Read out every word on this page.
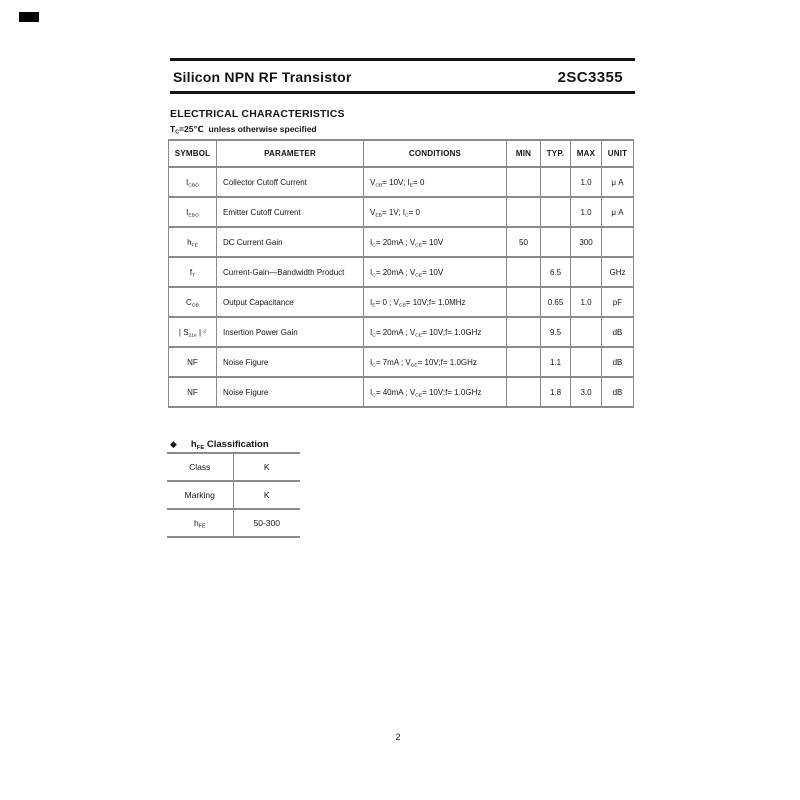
Silicon NPN RF Transistor	2SC3355
ELECTRICAL CHARACTERISTICS
$T_C=25℃$  unless otherwise specified
SYMBOL	PARAMETER	CONDITIONS	MIN	TYP.	MAX	UNIT
$I_{CBO}$	Collector Cutoff Current	$V_{CB}= 10V$; $I_E= 0$			1.0	μ A
$I_{EBO}$	Emitter Cutoff Current	$V_{EB}= 1V$; $I_C= 0$			1.0	μ A
$h_{FE}$	DC Current Gain	$I_C= 20mA$ ; $V_{CE}= 10V$	50		300	
$f_T$	Current-Gain—Bandwidth Product	$I_C= 20mA$ ; $V_{CE}= 10V$		6.5		GHz
$C_{OB}$	Output Capacitance	$I_E= 0$ ; $V_{CB}=$ 10V;f= 1.0MHz		0.65	1.0	pF
| $S_{21e}$ | $^2$	Insertion Power Gain	$I_C= 20mA$ ; $V_{CE}=$ 10V;f= 1.0GHz		9.5		dB
NF	Noise Figure	$I_C= 7mA$ ; $V_{CE}=$ 10V;f= 1.0GHz		1.1		dB
NF	Noise Figure	$I_C= 40mA$ ; $V_{CE}=$ 10V;f= 1.0GHz		1.8	3.0	dB
◆ $h_{FE}$ Classification
Class	K
Marking	K
$h_{FE}$	50-300
2
